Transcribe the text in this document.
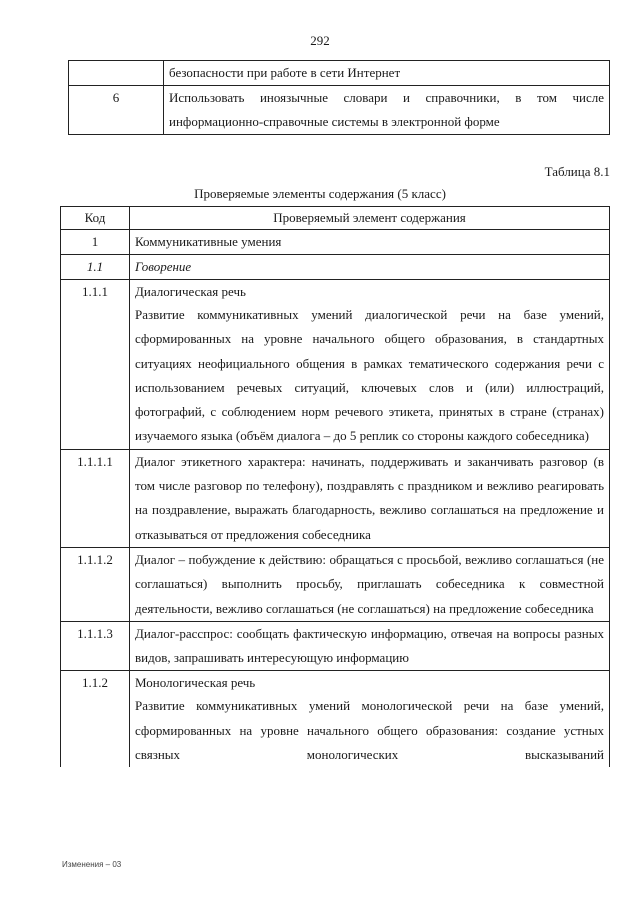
292
	безопасности при работе в сети Интернет
6	Использовать иноязычные словари и справочники, в том числе информационно-справочные системы в электронной форме
Таблица 8.1
Проверяемые элементы содержания (5 класс)
Код	Проверяемый элемент содержания
1	Коммуникативные умения
1.1	Говорение
1.1.1	Диалогическая речь
Развитие коммуникативных умений диалогической речи на базе умений, сформированных на уровне начального общего образования, в стандартных ситуациях неофициального общения в рамках тематического содержания речи с использованием речевых ситуаций, ключевых слов и (или) иллюстраций, фотографий, с соблюдением норм речевого этикета, принятых в стране (странах) изучаемого языка (объём диалога – до 5 реплик со стороны каждого собеседника)

1.1.1.1	Диалог этикетного характера: начинать, поддерживать и заканчивать разговор (в том числе разговор по телефону), поздравлять с праздником и вежливо реагировать на поздравление, выражать благодарность, вежливо соглашаться на предложение и отказываться от предложения собеседника

1.1.1.2	Диалог – побуждение к действию: обращаться с просьбой, вежливо соглашаться (не соглашаться) выполнить просьбу, приглашать собеседника к совместной деятельности, вежливо соглашаться (не соглашаться) на предложение собеседника

1.1.1.3	Диалог-расспрос: сообщать фактическую информацию, отвечая на вопросы разных видов, запрашивать интересующую информацию

1.1.2	Монологическая речь
Развитие коммуникативных умений монологической речи на базе умений, сформированных на уровне начального общего образования: создание устных связных монологических высказываний
Изменения – 03
